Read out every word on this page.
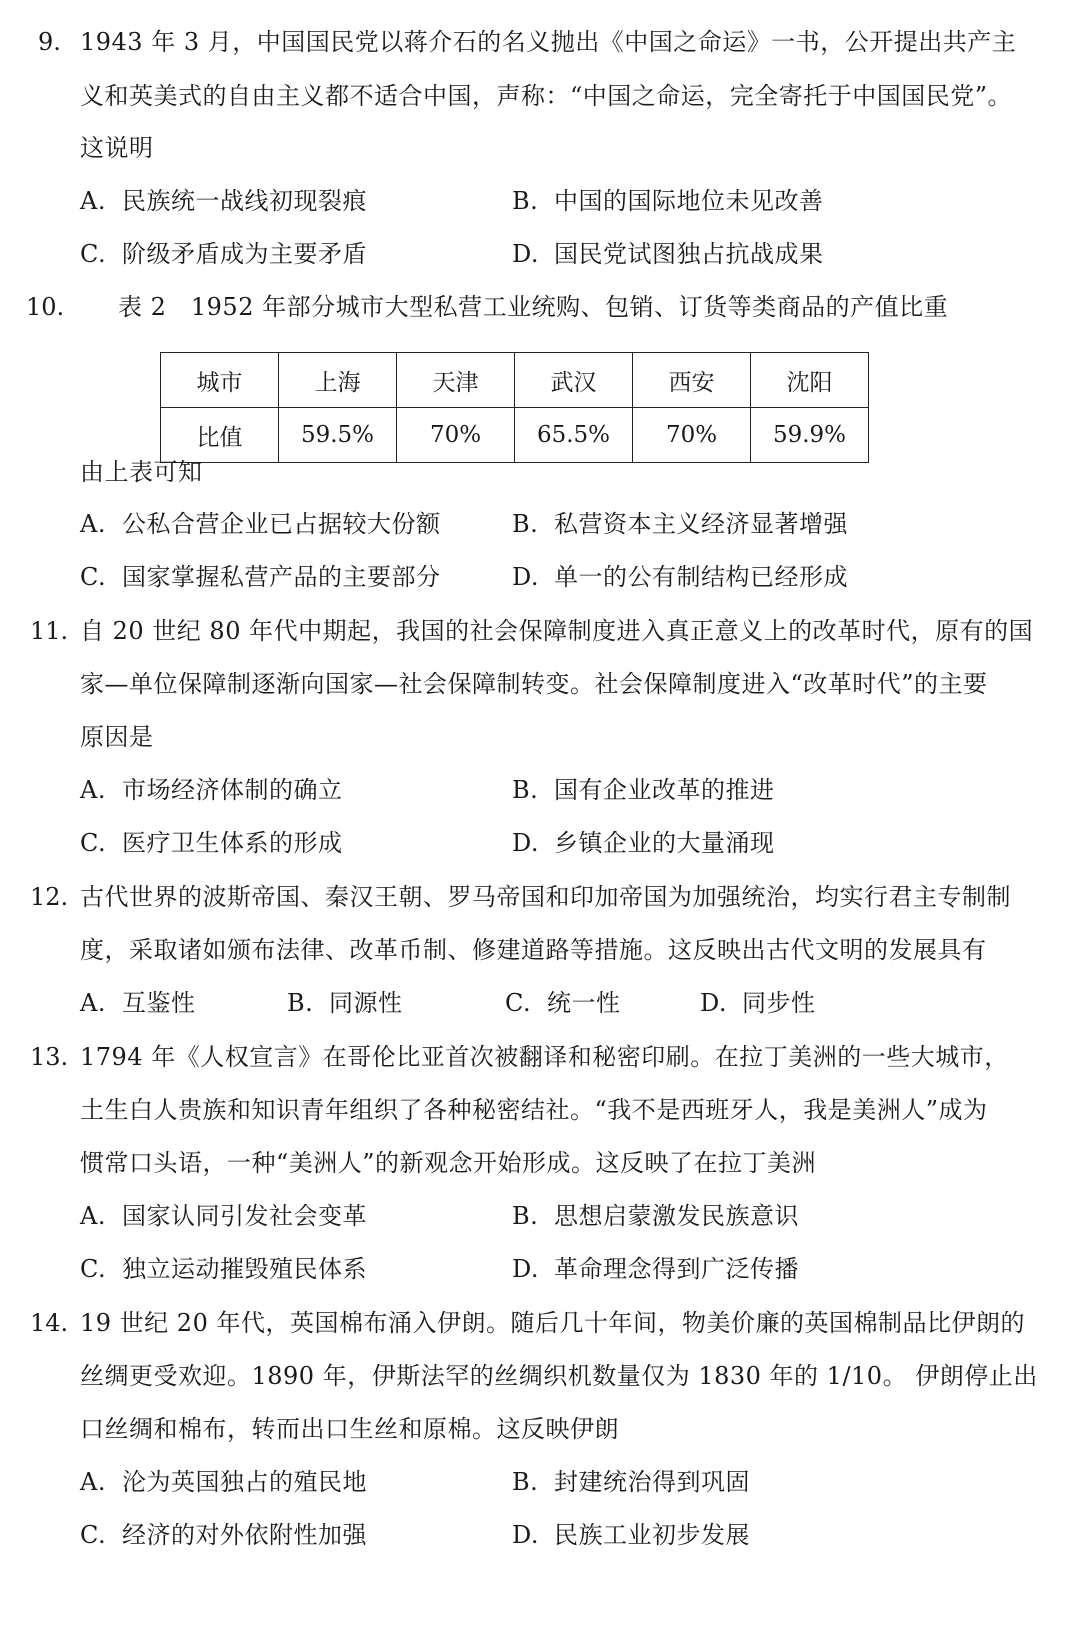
9. 1943 年 3 月，中国国民党以蒋介石的名义抛出《中国之命运》一书，公开提出共产主
义和英美式的自由主义都不适合中国，声称：“中国之命运，完全寄托于中国国民党”。
这说明
A. 民族统一战线初现裂痕	B. 中国的国际地位未见改善
C. 阶级矛盾成为主要矛盾	D. 国民党试图独占抗战成果
10. 表 2　1952 年部分城市大型私营工业统购、包销、订货等类商品的产值比重
城市	上海	天津	武汉	西安	沈阳
比值	59.5%	70%	65.5%	70%	59.9%
由上表可知
A. 公私合营企业已占据较大份额	B. 私营资本主义经济显著增强
C. 国家掌握私营产品的主要部分	D. 单一的公有制结构已经形成
11. 自 20 世纪 80 年代中期起，我国的社会保障制度进入真正意义上的改革时代，原有的国
家—单位保障制逐渐向国家—社会保障制转变。社会保障制度进入“改革时代”的主要
原因是
A. 市场经济体制的确立	B. 国有企业改革的推进
C. 医疗卫生体系的形成	D. 乡镇企业的大量涌现
12. 古代世界的波斯帝国、秦汉王朝、罗马帝国和印加帝国为加强统治，均实行君主专制制
度，采取诸如颁布法律、改革币制、修建道路等措施。这反映出古代文明的发展具有
A. 互鉴性	B. 同源性	C. 统一性	D. 同步性
13. 1794 年《人权宣言》在哥伦比亚首次被翻译和秘密印刷。在拉丁美洲的一些大城市，
土生白人贵族和知识青年组织了各种秘密结社。“我不是西班牙人，我是美洲人”成为
惯常口头语，一种“美洲人”的新观念开始形成。这反映了在拉丁美洲
A. 国家认同引发社会变革	B. 思想启蒙激发民族意识
C. 独立运动摧毁殖民体系	D. 革命理念得到广泛传播
14. 19 世纪 20 年代，英国棉布涌入伊朗。随后几十年间，物美价廉的英国棉制品比伊朗的
丝绸更受欢迎。1890 年，伊斯法罕的丝绸织机数量仅为 1830 年的 1/10。 伊朗停止出
口丝绸和棉布，转而出口生丝和原棉。这反映伊朗
A. 沦为英国独占的殖民地	B. 封建统治得到巩固
C. 经济的对外依附性加强	D. 民族工业初步发展
